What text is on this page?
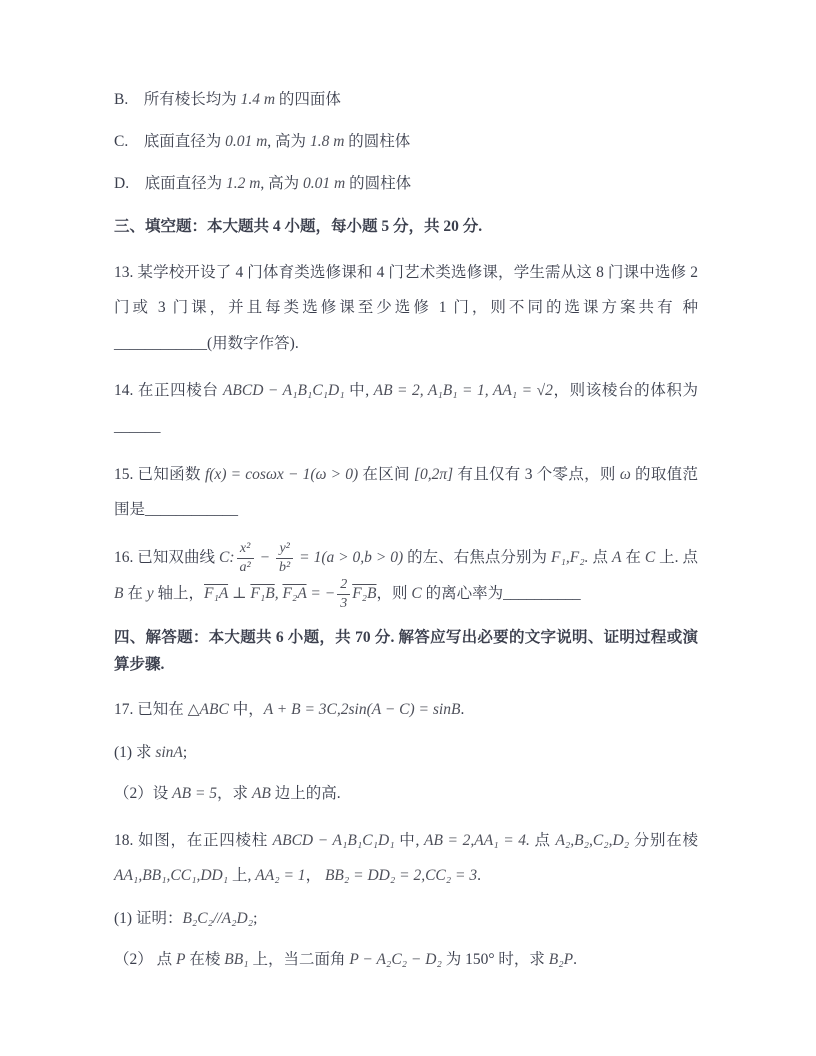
B.　所有棱长均为 1.4 m 的四面体
C.　底面直径为 0.01 m, 高为 1.8 m 的圆柱体
D.　底面直径为 1.2 m, 高为 0.01 m 的圆柱体
三、填空题：本大题共 4 小题，每小题 5 分，共 20 分.
13. 某学校开设了 4 门体育类选修课和 4 门艺术类选修课，学生需从这 8 门课中选修 2 门或 3 门课，并且每类选修课至少选修 1 门，则不同的选课方案共有 种____________(用数字作答).
14. 在正四棱台 ABCD − A₁B₁C₁D₁ 中, AB = 2, A₁B₁ = 1, AA₁ = √2，则该棱台的体积为______
15. 已知函数 f(x) = cosωx − 1(ω > 0) 在区间 [0,2π] 有且仅有 3 个零点，则 ω 的取值范围是____________
16. 已知双曲线 C: $\frac{\text{x²}}{\text{a²}} - \frac{\text{y²}}{\text{b²}} = 1(a > 0,b > 0)$ 的左、右焦点分别为 F₁,F₂. 点 A 在 C 上. 点 B 在 y 轴上，F₁A ⊥ F₁B, F₂A = − $\frac{2}{3} F_2B$，则 C 的离心率为__________
四、解答题：本大题共 6 小题，共 70 分. 解答应写出必要的文字说明、证明过程或演算步骤.
17. 已知在 △ABC 中，A + B = 3C,2sin(A − C) = sinB.
(1) 求 sinA;
（2）设 AB = 5，求 AB 边上的高.
18. 如图，在正四棱柱 ABCD − A₁B₁C₁D₁ 中, AB = 2,AA₁ = 4. 点 A₂,B₂,C₂,D₂ 分别在棱 AA₁,BB₁,CC₁,DD₁ 上, AA₂ = 1， BB₂ = DD₂ = 2,CC₂ = 3.
(1) 证明：B₂C₂//A₂D₂;
（2） 点 P 在棱 BB₁ 上，当二面角 P − A₂C₂ − D₂ 为 150° 时，求 B₂P.
